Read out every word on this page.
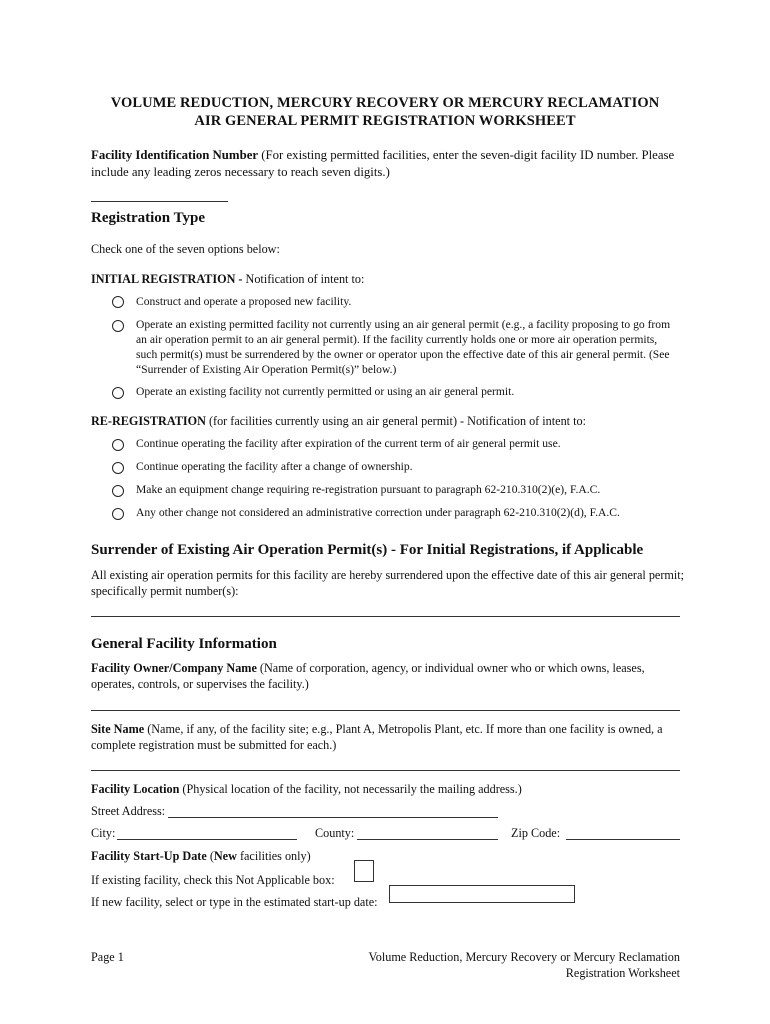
VOLUME REDUCTION, MERCURY RECOVERY OR MERCURY RECLAMATION
AIR GENERAL PERMIT REGISTRATION WORKSHEET
Facility Identification Number (For existing permitted facilities, enter the seven-digit facility ID number. Please include any leading zeros necessary to reach seven digits.)
Registration Type
Check one of the seven options below:
INITIAL REGISTRATION - Notification of intent to:
Construct and operate a proposed new facility.
Operate an existing permitted facility not currently using an air general permit (e.g., a facility proposing to go from an air operation permit to an air general permit). If the facility currently holds one or more air operation permits, such permit(s) must be surrendered by the owner or operator upon the effective date of this air general permit. (See “Surrender of Existing Air Operation Permit(s)” below.)
Operate an existing facility not currently permitted or using an air general permit.
RE-REGISTRATION (for facilities currently using an air general permit) - Notification of intent to:
Continue operating the facility after expiration of the current term of air general permit use.
Continue operating the facility after a change of ownership.
Make an equipment change requiring re-registration pursuant to paragraph 62-210.310(2)(e), F.A.C.
Any other change not considered an administrative correction under paragraph 62-210.310(2)(d), F.A.C.
Surrender of Existing Air Operation Permit(s) - For Initial Registrations, if Applicable
All existing air operation permits for this facility are hereby surrendered upon the effective date of this air general permit; specifically permit number(s):
General Facility Information
Facility Owner/Company Name (Name of corporation, agency, or individual owner who or which owns, leases, operates, controls, or supervises the facility.)
Site Name (Name, if any, of the facility site; e.g., Plant A, Metropolis Plant, etc. If more than one facility is owned, a complete registration must be submitted for each.)
Facility Location (Physical location of the facility, not necessarily the mailing address.)
Street Address:
City:	County:	Zip Code:
Facility Start-Up Date (New facilities only)
If existing facility, check this Not Applicable box:
If new facility, select or type in the estimated start-up date:
Page 1	Volume Reduction, Mercury Recovery or Mercury Reclamation
Registration Worksheet
